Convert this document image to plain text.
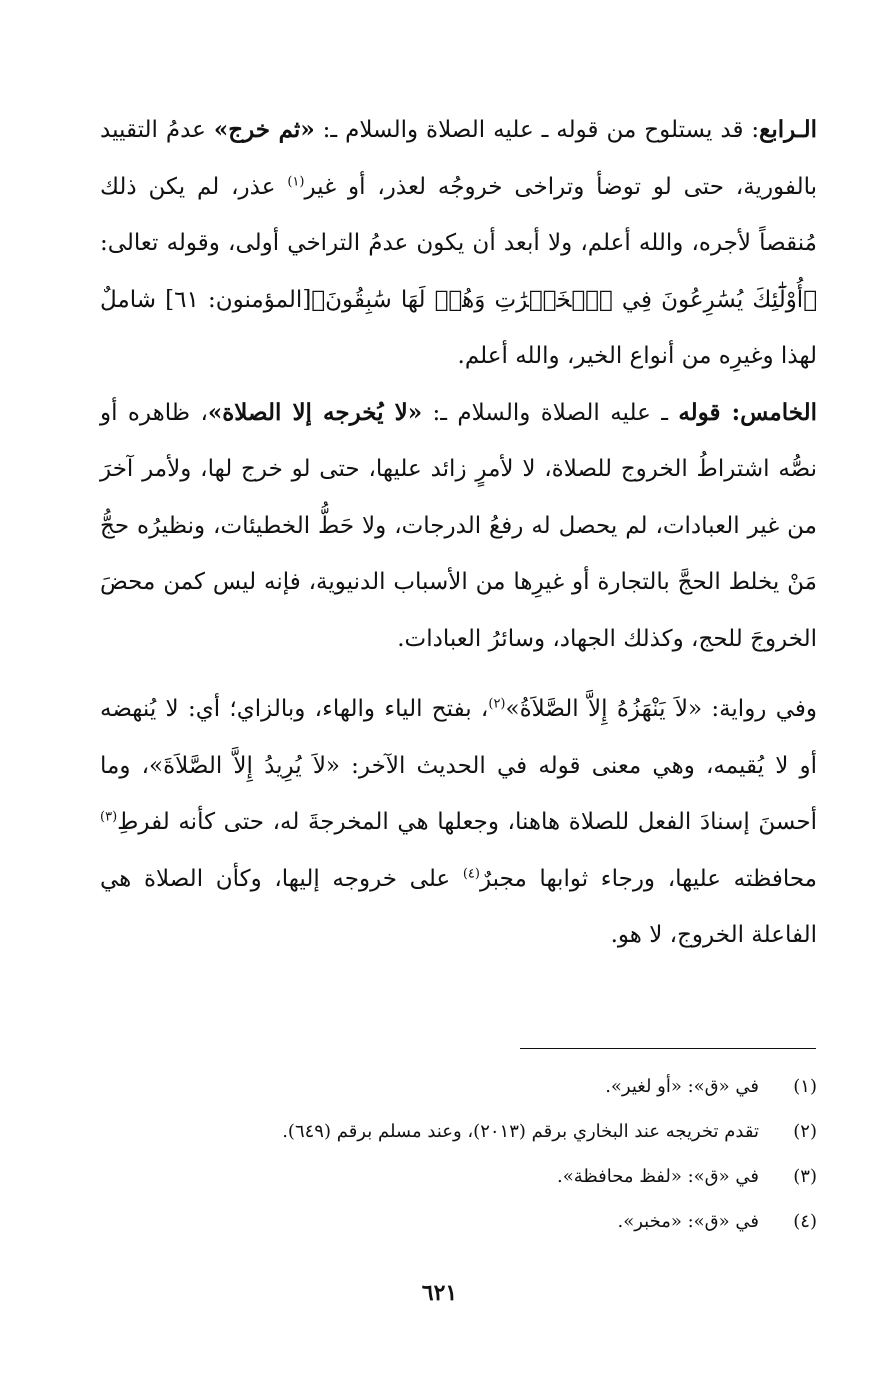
الـرابع: قد يستلوح من قوله ـ عليه الصلاة والسلام ـ: «ثم خرج» عدمُ التقييد بالفورية، حتى لو توضأ وتراخى خروجُه لعذر، أو غير$^{(١)}$ عذر، لم يكن ذلك مُنقصاً لأجره، والله أعلم، ولا أبعد أن يكون عدمُ التراخي أولى، وقوله تعالى: ﴿أُوْلَٰٓئِكَ يُسَٰرِعُونَ فِي ٱلۡخَيۡرَٰتِ وَهُمۡ لَهَا سَٰبِقُونَ﴾[المؤمنون: ٦١] شاملٌ لهذا وغيرِه من أنواع الخير، والله أعلم.

الخامس: قوله ـ عليه الصلاة والسلام ـ: «لا يُخرجه إلا الصلاة»، ظاهره أو نصُّه اشتراطُ الخروج للصلاة، لا لأمرٍ زائد عليها، حتى لو خرج لها، ولأمر آخرَ من غير العبادات، لم يحصل له رفعُ الدرجات، ولا حَطُّ الخطيئات، ونظيرُه حجُّ مَنْ يخلط الحجَّ بالتجارة أو غيرِها من الأسباب الدنيوية، فإنه ليس كمن محضَ الخروجَ للحج، وكذلك الجهاد، وسائرُ العبادات.

وفي رواية: «لاَ يَنْهَزُهُ إِلاَّ الصَّلاَةُ»$^{(٢)}$، بفتح الياء والهاء، وبالزاي؛ أي: لا يُنهضه أو لا يُقيمه، وهي معنى قوله في الحديث الآخر: «لاَ يُرِيدُ إِلاَّ الصَّلاَةَ»، وما أحسنَ إسنادَ الفعل للصلاة هاهنا، وجعلها هي المخرجةَ له، حتى كأنه لفرطِ$^{(٣)}$ محافظته عليها، ورجاء ثوابها مجبرٌ$^{(٤)}$ على خروجه إليها، وكأن الصلاة هي الفاعلة الخروج، لا هو.

(١)في «ق»: «أو لغير».
(٢)تقدم تخريجه عند البخاري برقم (٢٠١٣)، وعند مسلم برقم (٦٤٩).
(٣)في «ق»: «لفظ محافظة».
(٤)في «ق»: «مخبر».
٦٢١
